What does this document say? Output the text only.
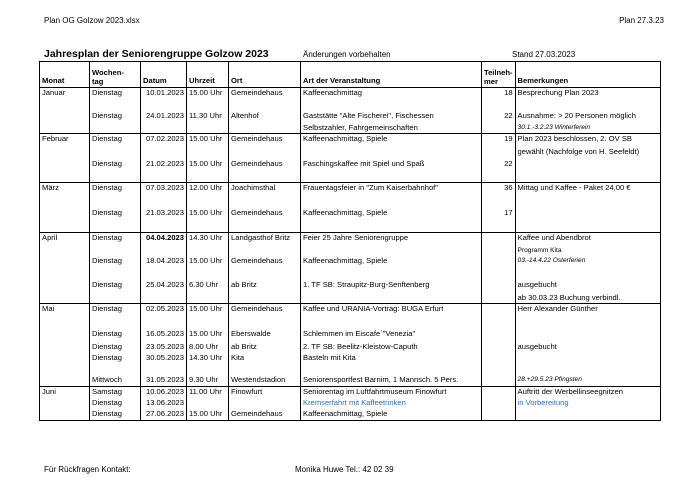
Plan OG Golzow 2023.xlsx	Plan 27.3.23
Jahresplan der Seniorengruppe Golzow 2023	Änderungen vorbehalten	Stand 27.03.2023
Monat	Wochen-
tag	Datum	Uhrzeit	Ort	Art der Veranstaltung	Teilneh-
mer	Bemerkungen
Januar	Dienstag	10.01.2023	15.00 Uhr	Gemeindehaus	Kaffeenachmittag	18	Besprechung Plan 2023

	Dienstag	24.01.2023	11.30 Uhr	Altenhof	Gaststätte "Alte Fischerei", Fischessen	22	Ausnahme: > 20 Personen möglich
					Selbstzahler, Fahrgemeinschaften		30.1.-3.2.23 Winterferein
Februar	Dienstag	07.02.2023	15.00 Uhr	Gemeindehaus	Kaffeenachmittag, Spiele	19	Plan 2023 beschlossen, 2. OV SB
							gewählt (Nachfolge von H. Seefeldt)
	Dienstag	21.02.2023	15.00 Uhr	Gemeindehaus	Faschingskaffee mit Spiel und Spaß	22	

März	Dienstag	07.03.2023	12.00 Uhr	Joachimsthal	Frauentagsfeier in "Zum Kaiserbahnhof"	36	Mittag und Kaffee - Paket 24,00 €

	Dienstag	21.03.2023	15.00 Uhr	Gemeindehaus	Kaffeenachmittag, Spiele	17	

April	Dienstag	04.04.2023	14.30 Uhr	Landgasthof Britz	Feier 25 Jahre Seniorengruppe		Kaffee und Abendbrot
							Programm Kita
	Dienstag	18.04.2023	15.00 Uhr	Gemeindehaus	Kaffeenachmittag, Spiele		03.-14.4.22 Osterferien

	Dienstag	25.04.2023	6.30 Uhr	ab Britz	1. TF SB: Straupitz-Burg-Senftenberg		ausgebucht
							ab 30.03.23 Buchung verbindl.
Mai	Dienstag	02.05.2023	15.00 Uhr	Gemeindehaus	Kaffee und URANIA-Vortrag: BUGA Erfurt		Herr Alexander Günther

	Dienstag	16.05.2023	15.00 Uhr	Eberswalde	Schlemmen im Eiscafe`"Venezia"		
	Dienstag	23.05.2023	8.00 Uhr	ab Britz	2. TF SB: Beelitz-Kleistow-Caputh		ausgebucht
	Dienstag	30.05.2023	14.30 Uhr	Kita	Basteln mit Kita		

	Mittwoch	31.05.2023	9.30 Uhr	Westendstadion	Seniorensportfest Barnim, 1 Mannsch. 5 Pers.		28.+29.5.23 Pfingsten
Juni	Samstag	10.06.2023	11.00 Uhr	Finowfurt	Seniorentag im Luftfahrtmuseum Finowfurt		Auftritt der Werbellinseegnitzen
	Dienstag	13.06.2023			Kremserfahrt mit Kaffeetrinken		in Vorbereitung
	Dienstag	27.06.2023	15.00 Uhr	Gemeindehaus	Kaffeenachmittag, Spiele		
Für Rückfragen Kontakt:	Monika Huwe Tel.: 42 02 39
